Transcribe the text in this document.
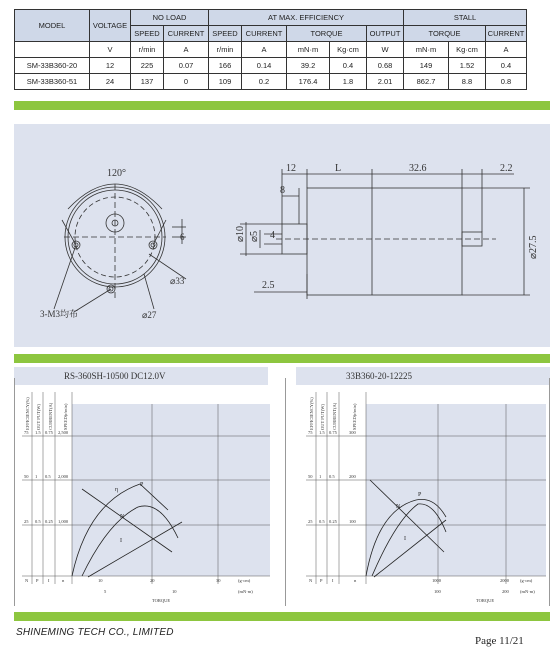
MODEL	VOLTAGE	NO LOAD		AT MAX. EFFICIENCY					STALL		
		SPEED	CURRENT	SPEED	CURRENT	TORQUE		OUTPUT	TORQUE		CURRENT
	V	r/min	A	r/min	A	mN·m	Kg·cm	W	mN·m	Kg·cm	A
SM-33B360-20	12	225	0.07	166	0.14	39.2	0.4	0.68	149	1.52	0.4
SM-33B360-51	24	137	0	109	0.2	176.4	1.8	2.01	862.7	8.8	0.8
120°
6
⌀33
⌀27
3-M3均布
12	L	32.6	2.2
8
⌀10 ⌀5 4
2.5
⌀27.5
RS-360SH-10500 DC12.0V	33B360-20-12225
EFFICIENCY(%) OUT PUT(W) CURRENT(A) SPEED(r/min)
75 1.5 0.75 2,500
50 1 0.5 2,000
25 0.5 0.25 1,000
N P I	n	10	20	30	(g·cm)
5	10	(mN·m)
TORQUE
η
P
N
I
EFFICIENCY(%) OUT PUT(W) CURRENT(A)	SPEED(r/min)
75 1.5 0.75	300
50 1 0.5	200
25 0.5 0.25	100
N P I	n	1000	2000 (g·cm)
100	200	(mN·m)
TORQUE
N
P
I
SHINEMING TECH CO., LIMITED
Page 11/21
